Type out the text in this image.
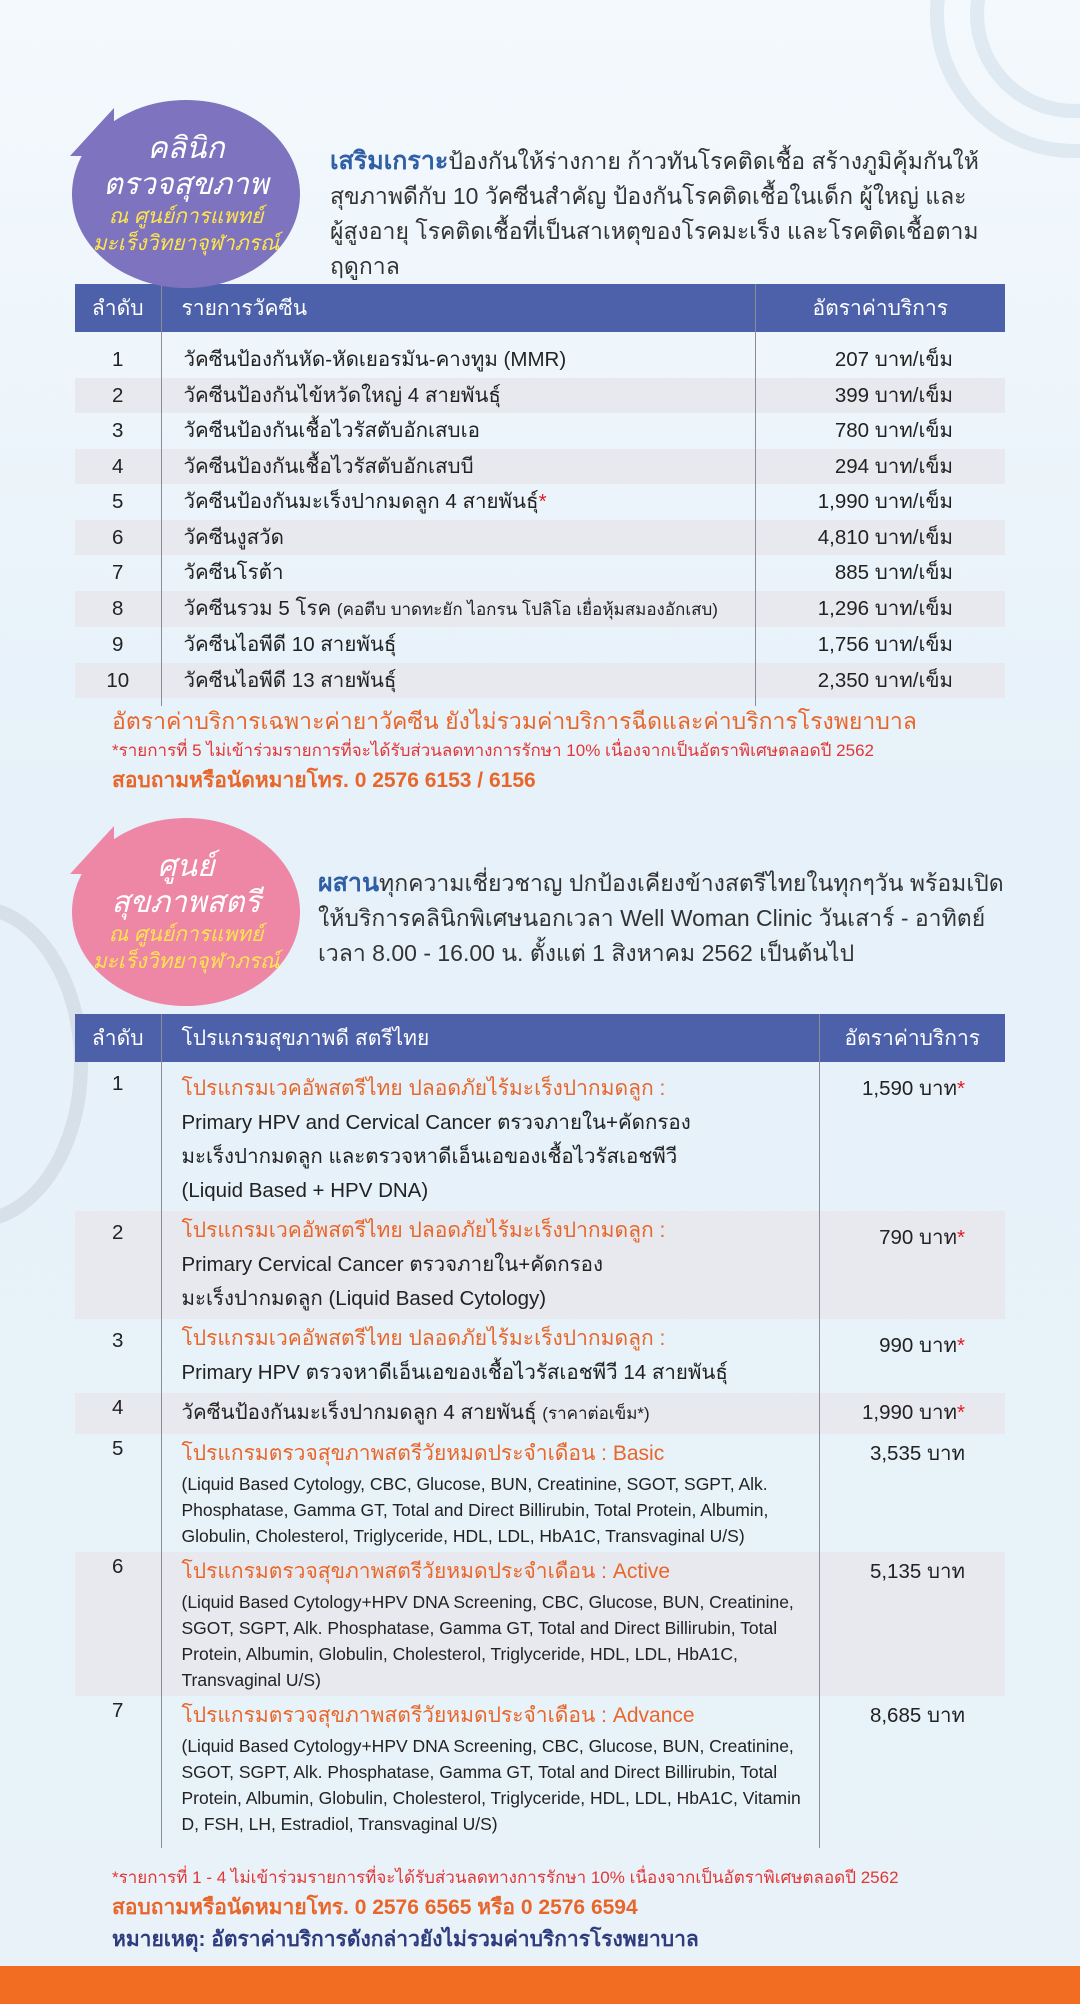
คลินิก
ตรวจสุขภาพ
ณ ศูนย์การแพทย์
มะเร็งวิทยาจุฬาภรณ์
เสริมเกราะป้องกันให้ร่างกาย ก้าวทันโรคติดเชื้อ สร้างภูมิคุ้มกันให้
สุขภาพดีกับ 10 วัคซีนสำคัญ ป้องกันโรคติดเชื้อในเด็ก ผู้ใหญ่ และ
ผู้สูงอายุ โรคติดเชื้อที่เป็นสาเหตุของโรคมะเร็ง และโรคติดเชื้อตามฤดูกาล
ลำดับ	รายการวัคซีน	อัตราค่าบริการ

1	วัคซีนป้องกันหัด-หัดเยอรมัน-คางทูม (MMR)	207 บาท/เข็ม
2	วัคซีนป้องกันไข้หวัดใหญ่ 4 สายพันธุ์	399 บาท/เข็ม
3	วัคซีนป้องกันเชื้อไวรัสตับอักเสบเอ	780 บาท/เข็ม
4	วัคซีนป้องกันเชื้อไวรัสตับอักเสบบี	294 บาท/เข็ม
5	วัคซีนป้องกันมะเร็งปากมดลูก 4 สายพันธุ์*	1,990 บาท/เข็ม
6	วัคซีนงูสวัด	4,810 บาท/เข็ม
7	วัคซีนโรต้า	885 บาท/เข็ม
8	วัคซีนรวม 5 โรค (คอตีบ บาดทะยัก ไอกรน โปลิโอ เยื่อหุ้มสมองอักเสบ)	1,296 บาท/เข็ม
9	วัคซีนไอพีดี 10 สายพันธุ์	1,756 บาท/เข็ม
10	วัคซีนไอพีดี 13 สายพันธุ์	2,350 บาท/เข็ม

อัตราค่าบริการเฉพาะค่ายาวัคซีน ยังไม่รวมค่าบริการฉีดและค่าบริการโรงพยาบาล
*รายการที่ 5 ไม่เข้าร่วมรายการที่จะได้รับส่วนลดทางการรักษา 10% เนื่องจากเป็นอัตราพิเศษตลอดปี 2562
สอบถามหรือนัดหมายโทร. 0 2576 6153 / 6156
ศูนย์
สุขภาพสตรี
ณ ศูนย์การแพทย์
มะเร็งวิทยาจุฬาภรณ์
ผสานทุกความเชี่ยวชาญ ปกป้องเคียงข้างสตรีไทยในทุกๆวัน พร้อมเปิด
ให้บริการคลินิกพิเศษนอกเวลา Well Woman Clinic วันเสาร์ - อาทิตย์
เวลา 8.00 - 16.00 น. ตั้งแต่ 1 สิงหาคม 2562 เป็นต้นไป
ลำดับ	โปรแกรมสุขภาพดี สตรีไทย	อัตราค่าบริการ
1	โปรแกรมเวคอัพสตรีไทย ปลอดภัยไร้มะเร็งปากมดลูก :
Primary HPV and Cervical Cancer ตรวจภายใน+คัดกรองมะเร็งปากมดลูก และตรวจหาดีเอ็นเอของเชื้อไวรัสเอชพีวี (Liquid Based + HPV DNA)	1,590 บาท*
2	โปรแกรมเวคอัพสตรีไทย ปลอดภัยไร้มะเร็งปากมดลูก :
Primary Cervical Cancer ตรวจภายใน+คัดกรองมะเร็งปากมดลูก (Liquid Based Cytology)	790 บาท*
3	โปรแกรมเวคอัพสตรีไทย ปลอดภัยไร้มะเร็งปากมดลูก :
Primary HPV ตรวจหาดีเอ็นเอของเชื้อไวรัสเอชพีวี 14 สายพันธุ์	990 บาท*
4	วัคซีนป้องกันมะเร็งปากมดลูก 4 สายพันธุ์ (ราคาต่อเข็ม*)	1,990 บาท*
5	โปรแกรมตรวจสุขภาพสตรีวัยหมดประจำเดือน : Basic
(Liquid Based Cytology, CBC, Glucose, BUN, Creatinine, SGOT, SGPT, Alk. Phosphatase, Gamma GT, Total and Direct Billirubin, Total Protein, Albumin, Globulin, Cholesterol, Triglyceride, HDL, LDL, HbA1C, Transvaginal U/S)	3,535 บาท
6	โปรแกรมตรวจสุขภาพสตรีวัยหมดประจำเดือน : Active
(Liquid Based Cytology+HPV DNA Screening, CBC, Glucose, BUN, Creatinine, SGOT, SGPT, Alk. Phosphatase, Gamma GT, Total and Direct Billirubin, Total Protein, Albumin, Globulin, Cholesterol, Triglyceride, HDL, LDL, HbA1C, Transvaginal U/S)	5,135 บาท
7	โปรแกรมตรวจสุขภาพสตรีวัยหมดประจำเดือน : Advance
(Liquid Based Cytology+HPV DNA Screening, CBC, Glucose, BUN, Creatinine, SGOT, SGPT, Alk. Phosphatase, Gamma GT, Total and Direct Billirubin, Total Protein, Albumin, Globulin, Cholesterol, Triglyceride, HDL, LDL, HbA1C, Vitamin D, FSH, LH, Estradiol, Transvaginal U/S)	8,685 บาท

*รายการที่ 1 - 4 ไม่เข้าร่วมรายการที่จะได้รับส่วนลดทางการรักษา 10% เนื่องจากเป็นอัตราพิเศษตลอดปี 2562
สอบถามหรือนัดหมายโทร. 0 2576 6565 หรือ 0 2576 6594
หมายเหตุ: อัตราค่าบริการดังกล่าวยังไม่รวมค่าบริการโรงพยาบาล
